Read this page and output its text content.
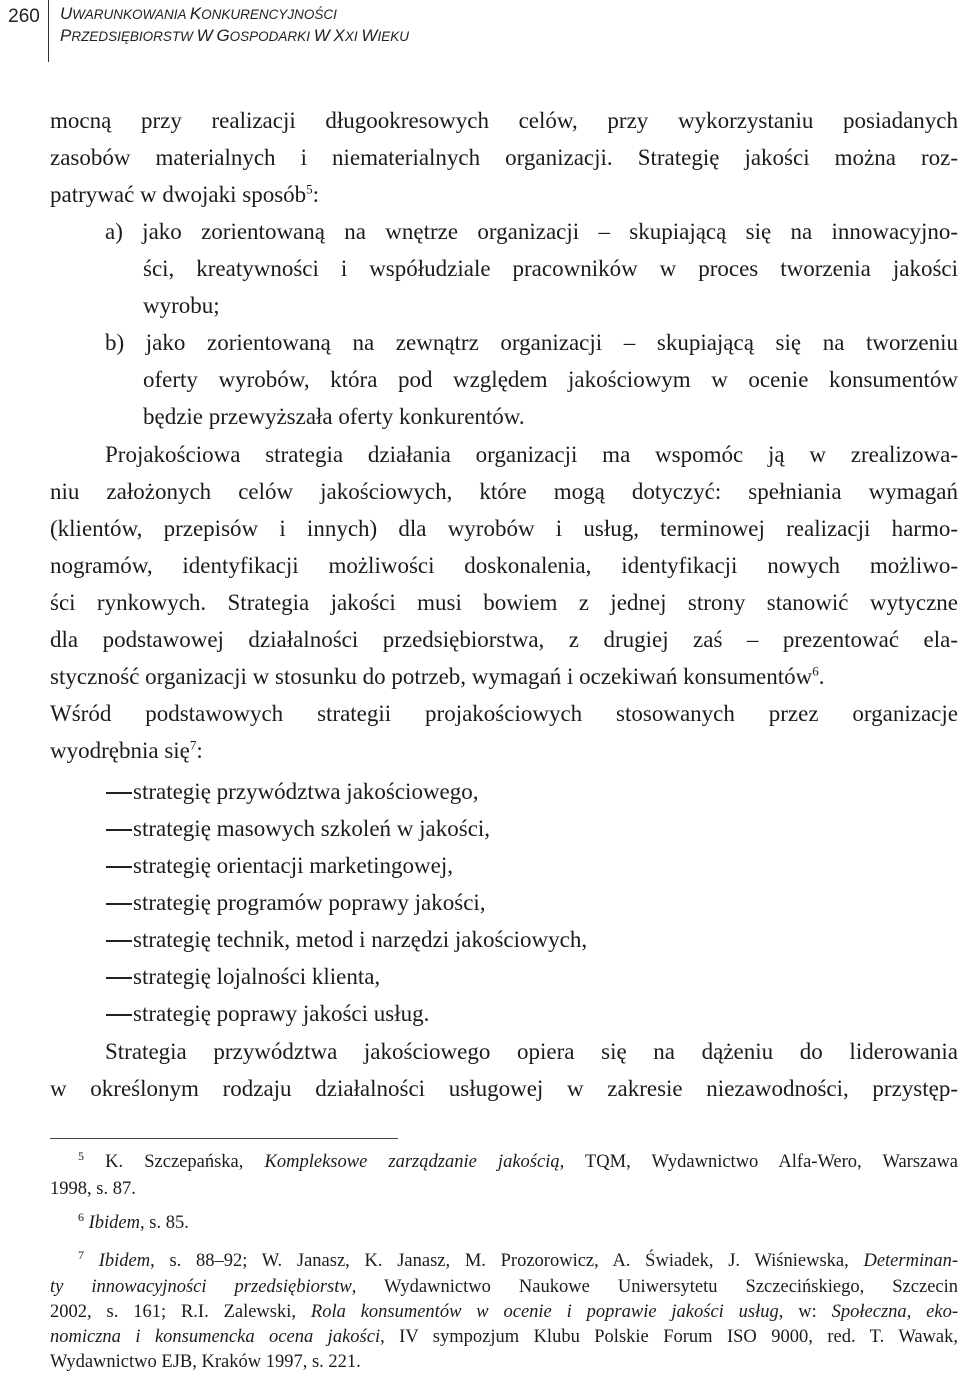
260	UWARUNKOWANIA KONKURENCYJNOŚCI
PRZEDSIĘBIORSTW W GOSPODARKI W XXI WIEKU
mocną przy realizacji długookresowych celów, przy wykorzystaniu posiadanych
zasobów materialnych i niematerialnych organizacji. Strategię jakości można roz-
patrywać w dwojaki sposób$^5$:
a) jako zorientowaną na wnętrze organizacji – skupiającą się na innowacyjno-
ści, kreatywności i współudziale pracowników w proces tworzenia jakości
wyrobu;
b) jako zorientowaną na zewnątrz organizacji – skupiającą się na tworzeniu
oferty wyrobów, która pod względem jakościowym w ocenie konsumentów
będzie przewyższała oferty konkurentów.
Projakościowa strategia działania organizacji ma wspomóc ją w zrealizowa-
niu założonych celów jakościowych, które mogą dotyczyć: spełniania wymagań
(klientów, przepisów i innych) dla wyrobów i usług, terminowej realizacji harmo-
nogramów, identyfikacji możliwości doskonalenia, identyfikacji nowych możliwo-
ści rynkowych. Strategia jakości musi bowiem z jednej strony stanowić wytyczne
dla podstawowej działalności przedsiębiorstwa, z drugiej zaś – prezentować ela-
styczność organizacji w stosunku do potrzeb, wymagań i oczekiwań konsumentów$^6$.
Wśród podstawowych strategii projakościowych stosowanych przez organizacje
wyodrębnia się$^7$:
strategię przywództwa jakościowego,
strategię masowych szkoleń w jakości,
strategię orientacji marketingowej,
strategię programów poprawy jakości,
strategię technik, metod i narzędzi jakościowych,
strategię lojalności klienta,
strategię poprawy jakości usług.
Strategia przywództwa jakościowego opiera się na dążeniu do liderowania
w określonym rodzaju działalności usługowej w zakresie niezawodności, przystęp-
$^5$ K. Szczepańska, Kompleksowe zarządzanie jakością, TQM, Wydawnictwo Alfa-Wero, Warszawa
1998, s. 87.
$^6$ Ibidem, s. 85.
$^7$ Ibidem, s. 88–92; W. Janasz, K. Janasz, M. Prozorowicz, A. Świadek, J. Wiśniewska, Determinan-
ty innowacyjności przedsiębiorstw, Wydawnictwo Naukowe Uniwersytetu Szczecińskiego, Szczecin
2002, s. 161; R.I. Zalewski, Rola konsumentów w ocenie i poprawie jakości usług, w: Społeczna, eko-
nomiczna i konsumencka ocena jakości, IV sympozjum Klubu Polskie Forum ISO 9000, red. T. Wawak,
Wydawnictwo EJB, Kraków 1997, s. 221.
